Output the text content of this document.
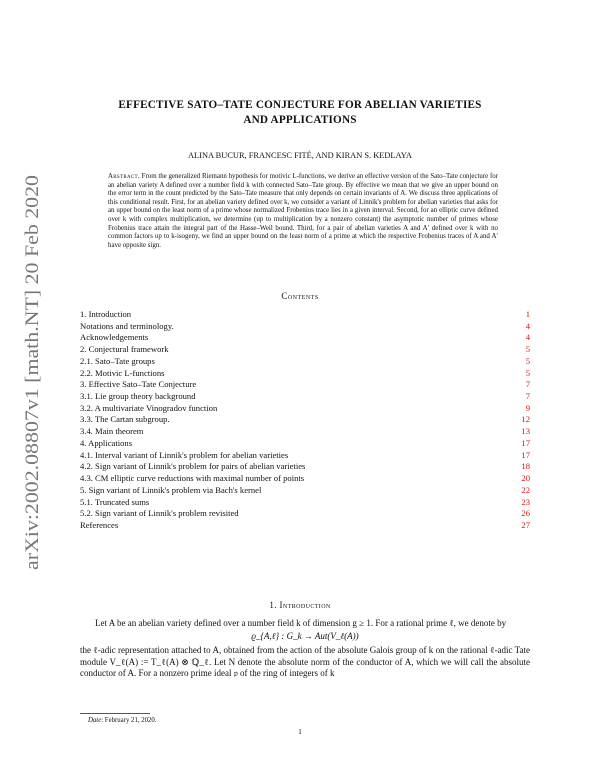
arXiv:2002.08807v1 [math.NT] 20 Feb 2020
EFFECTIVE SATO–TATE CONJECTURE FOR ABELIAN VARIETIES
AND APPLICATIONS
ALINA BUCUR, FRANCESC FITÉ, AND KIRAN S. KEDLAYA
Abstract. From the generalized Riemann hypothesis for motivic L-functions, we derive an effective version of the Sato–Tate conjecture for an abelian variety A defined over a number field k with connected Sato–Tate group. By effective we mean that we give an upper bound on the error term in the count predicted by the Sato–Tate measure that only depends on certain invariants of A. We discuss three applications of this conditional result. First, for an abelian variety defined over k, we consider a variant of Linnik's problem for abelian varieties that asks for an upper bound on the least norm of a prime whose normalized Frobenius trace lies in a given interval. Second, for an elliptic curve defined over k with complex multiplication, we determine (up to multiplication by a nonzero constant) the asymptotic number of primes whose Frobenius trace attain the integral part of the Hasse–Weil bound. Third, for a pair of abelian varieties A and A′ defined over k with no common factors up to k-isogeny, we find an upper bound on the least norm of a prime at which the respective Frobenius traces of A and A′ have opposite sign.
Contents
1. Introduction	1
Notations and terminology.	4
Acknowledgements	4
2. Conjectural framework	5
2.1. Sato–Tate groups	5
2.2. Motivic L-functions	5
3. Effective Sato–Tate Conjecture	7
3.1. Lie group theory background	7
3.2. A multivariate Vinogradov function	9
3.3. The Cartan subgroup.	12
3.4. Main theorem	13
4. Applications	17
4.1. Interval variant of Linnik's problem for abelian varieties	17
4.2. Sign variant of Linnik's problem for pairs of abelian varieties	18
4.3. CM elliptic curve reductions with maximal number of points	20
5. Sign variant of Linnik's problem via Bach's kernel	22
5.1. Truncated sums	23
5.2. Sign variant of Linnik's problem revisited	26
References	27
1. Introduction

Let A be an abelian variety defined over a number field k of dimension g ≥ 1. For a rational prime ℓ, we denote by

ϱ_{A,ℓ} : G_k → Aut(V_ℓ(A))

the ℓ-adic representation attached to A, obtained from the action of the absolute Galois group of k on the rational ℓ-adic Tate module V_ℓ(A) := T_ℓ(A) ⊗ ℚ_ℓ. Let N denote the absolute norm of the conductor of A, which we will call the absolute conductor of A. For a nonzero prime ideal 𝔭 of the ring of integers of k

Date: February 21, 2020.
1
